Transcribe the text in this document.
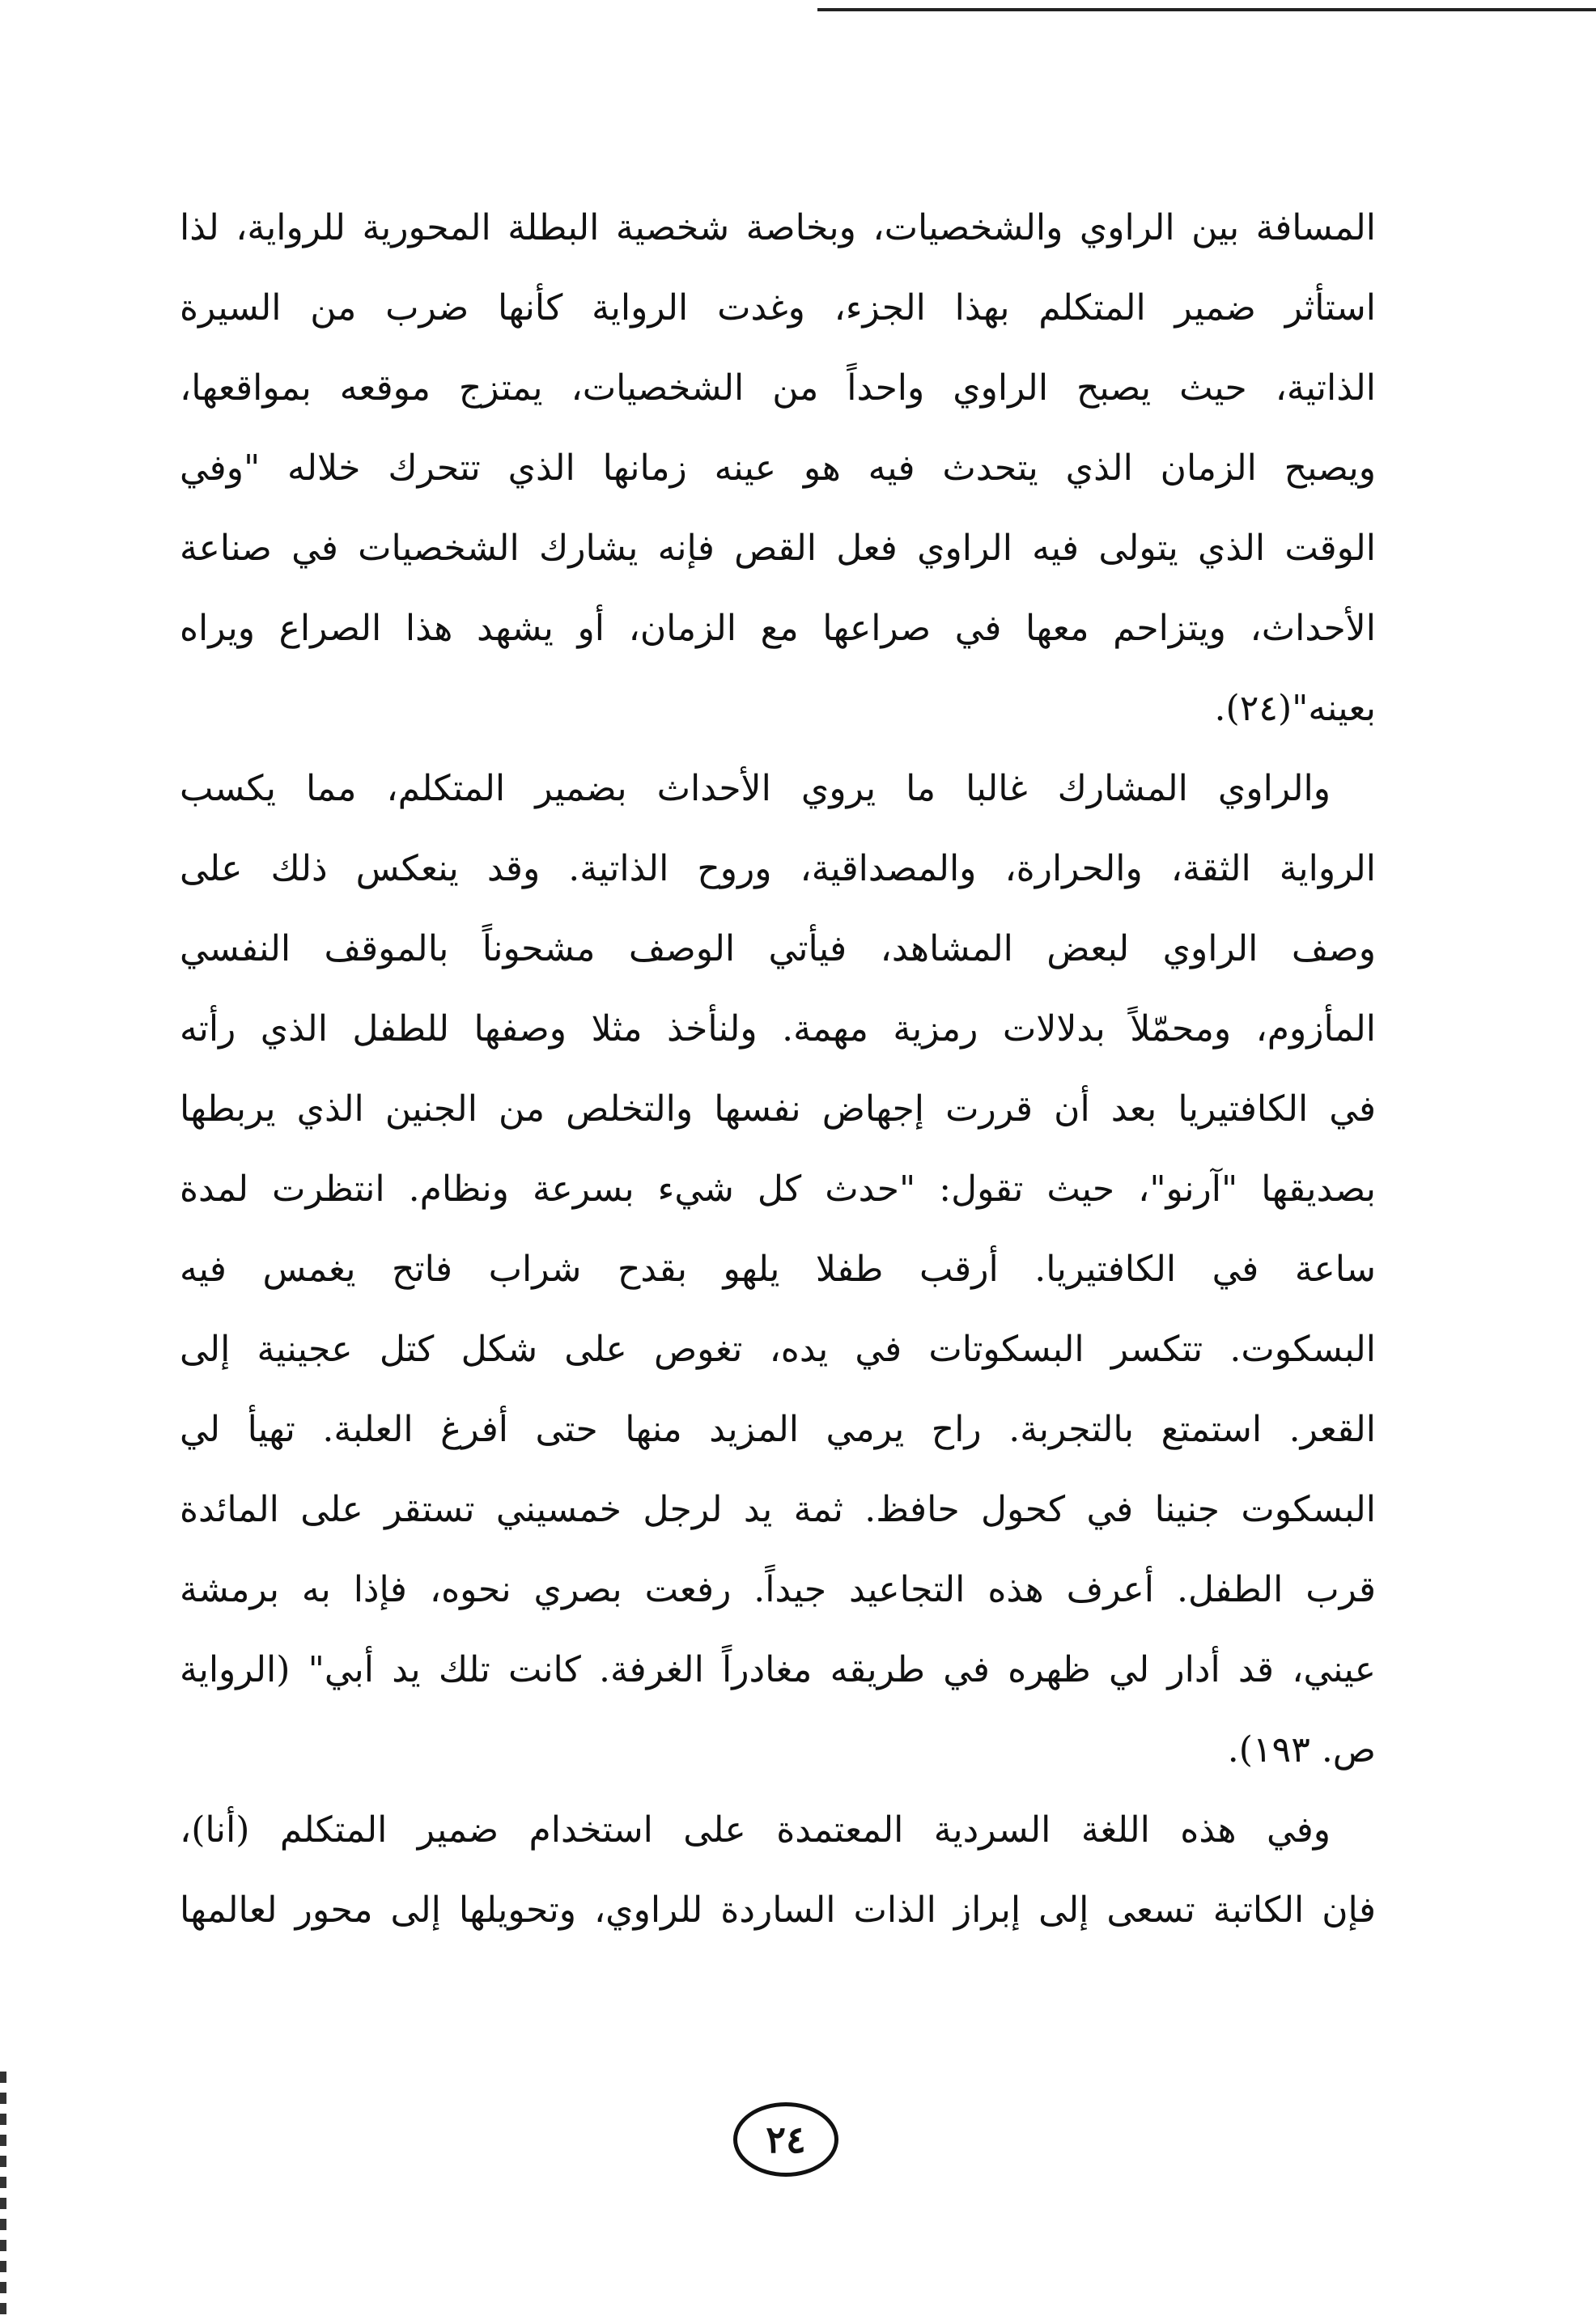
المسافة بين الراوي والشخصيات، وبخاصة شخصية البطلة المحورية للرواية، لذا
استأثر ضمير المتكلم بهذا الجزء، وغدت الرواية كأنها ضرب من السيرة
الذاتية، حيث يصبح الراوي واحداً من الشخصيات، يمتزج موقعه بمواقعها،
ويصبح الزمان الذي يتحدث فيه هو عينه زمانها الذي تتحرك خلاله "وفي
الوقت الذي يتولى فيه الراوي فعل القص فإنه يشارك الشخصيات في صناعة
الأحداث، ويتزاحم معها في صراعها مع الزمان، أو يشهد هذا الصراع ويراه
بعينه"(٢٤).
والراوي المشارك غالبا ما يروي الأحداث بضمير المتكلم، مما يكسب
الرواية الثقة، والحرارة، والمصداقية، وروح الذاتية. وقد ينعكس ذلك على
وصف الراوي لبعض المشاهد، فيأتي الوصف مشحوناً بالموقف النفسي
المأزوم، ومحمّلاً بدلالات رمزية مهمة. ولنأخذ مثلا وصفها للطفل الذي رأته
في الكافتيريا بعد أن قررت إجهاض نفسها والتخلص من الجنين الذي يربطها
بصديقها "آرنو"، حيث تقول: "حدث كل شيء بسرعة ونظام. انتظرت لمدة
ساعة في الكافتيريا. أرقب طفلا يلهو بقدح شراب فاتح يغمس فيه
البسكوت. تتكسر البسكوتات في يده، تغوص على شكل كتل عجينية إلى
القعر. استمتع بالتجربة. راح يرمي المزيد منها حتى أفرغ العلبة. تهيأ لي
البسكوت جنينا في كحول حافظ. ثمة يد لرجل خمسيني تستقر على المائدة
قرب الطفل. أعرف هذه التجاعيد جيداً. رفعت بصري نحوه، فإذا به برمشة
عيني، قد أدار لي ظهره في طريقه مغادراً الغرفة. كانت تلك يد أبي" (الرواية
ص. ١٩٣).
وفي هذه اللغة السردية المعتمدة على استخدام ضمير المتكلم (أنا)،
فإن الكاتبة تسعى إلى إبراز الذات الساردة للراوي، وتحويلها إلى محور لعالمها
٢٤
